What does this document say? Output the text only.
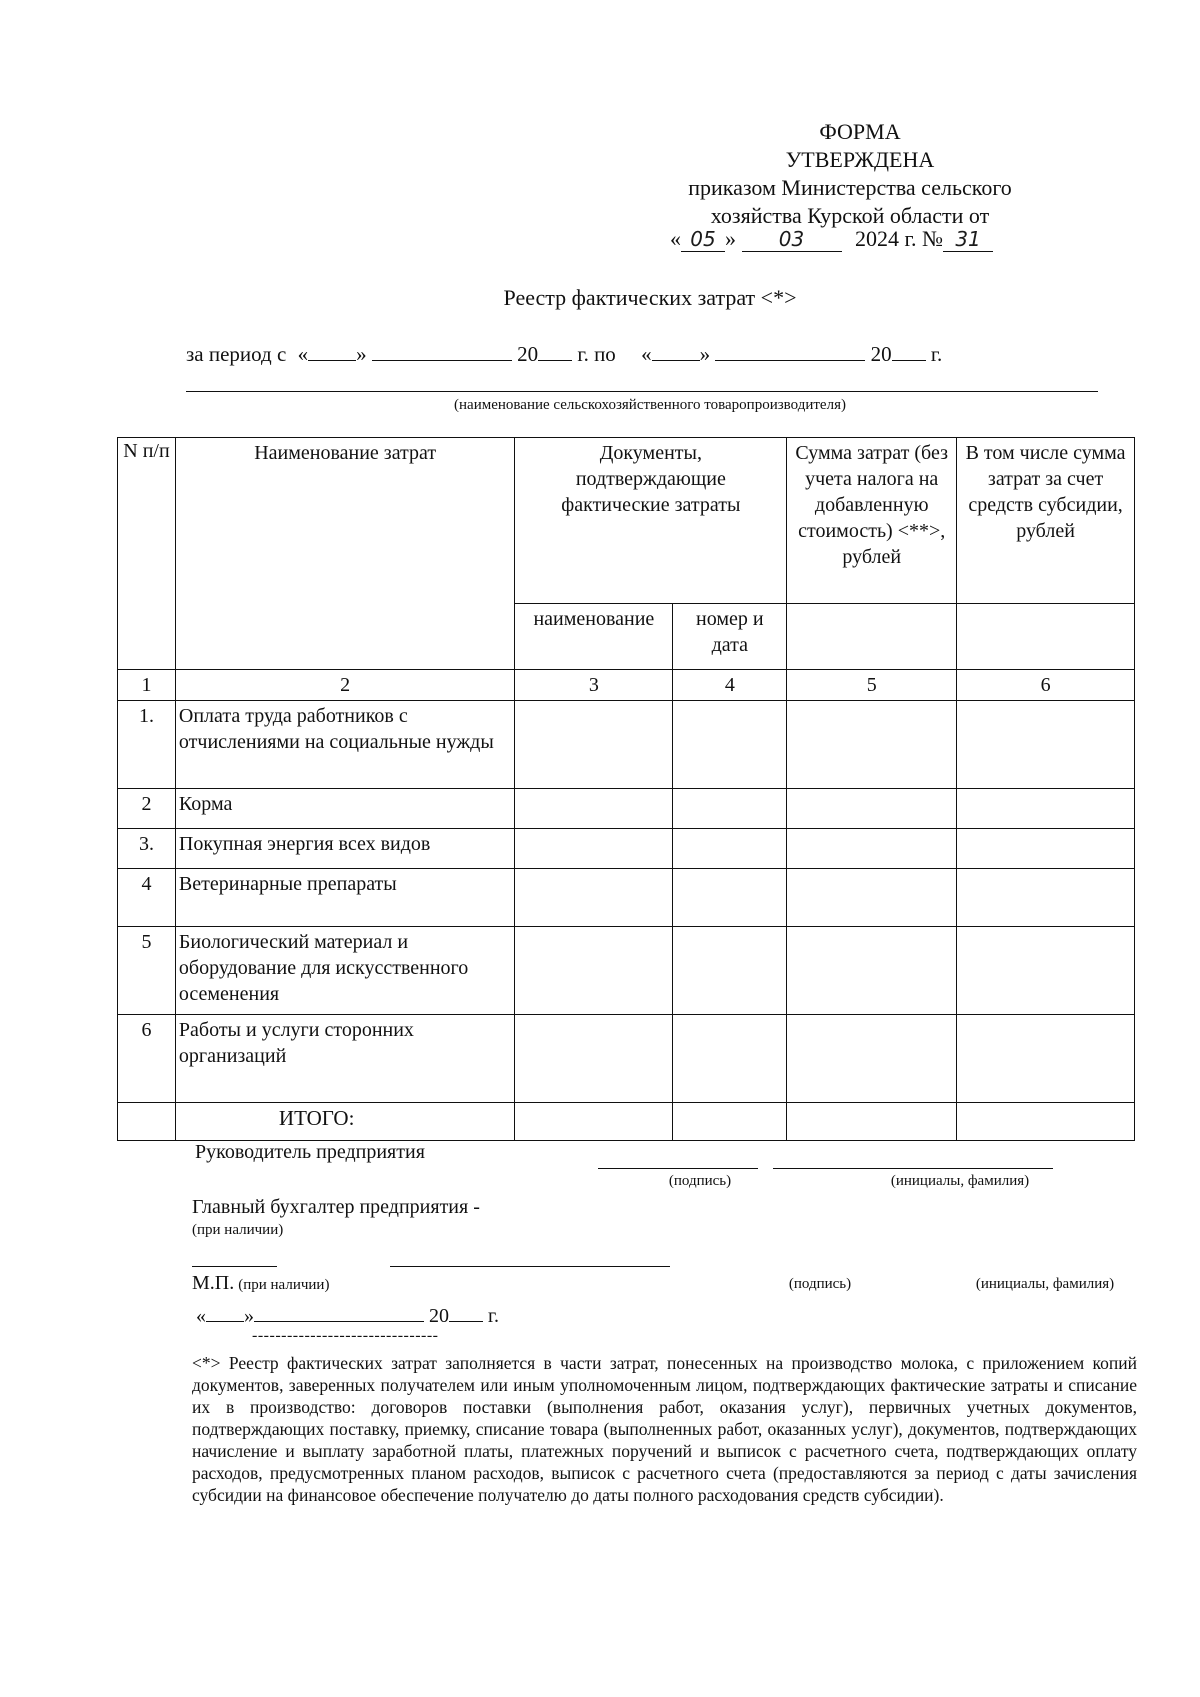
ФОРМА
УТВЕРЖДЕНА
приказом Министерства сельского
хозяйства Курской области от
« 05 » 03 2024 г. № 31
Реестр фактических затрат <*>
за период с « »	20 г. по « »	20 г.
(наименование сельскохозяйственного товаропроизводителя)
N п/п	Наименование затрат	Документы, подтверждающие фактические затраты		Сумма затрат (без учета налога на добавленную стоимость) <**>, рублей	В том числе сумма затрат за счет средств субсидии, рублей
		наименование	номер и дата		
1	2	3	4	5	6
1.	Оплата труда работников с отчислениями на социальные нужды				
2	Корма				
3.	Покупная энергия всех видов				
4	Ветеринарные препараты				
5	Биологический материал и оборудование для искусственного осеменения				
6	Работы и услуги сторонних организаций				
	ИТОГО:				
Руководитель предприятия
(подпись)	(инициалы, фамилия)
Главный бухгалтер предприятия -
(при наличии)
М.П. (при наличии)	(подпись)	(инициалы, фамилия)
« »	20 г.
--------------------------------
<*> Реестр фактических затрат заполняется в части затрат, понесенных на производство молока, с приложением копий документов, заверенных получателем или иным уполномоченным лицом, подтверждающих фактические затраты и списание их в производство: договоров поставки (выполнения работ, оказания услуг), первичных учетных документов, подтверждающих поставку, приемку, списание товара (выполненных работ, оказанных услуг), документов, подтверждающих начисление и выплату заработной платы, платежных поручений и выписок с расчетного счета, подтверждающих оплату расходов, предусмотренных планом расходов, выписок с расчетного счета (предоставляются за период с даты зачисления субсидии на финансовое обеспечение получателю до даты полного расходования средств субсидии).
